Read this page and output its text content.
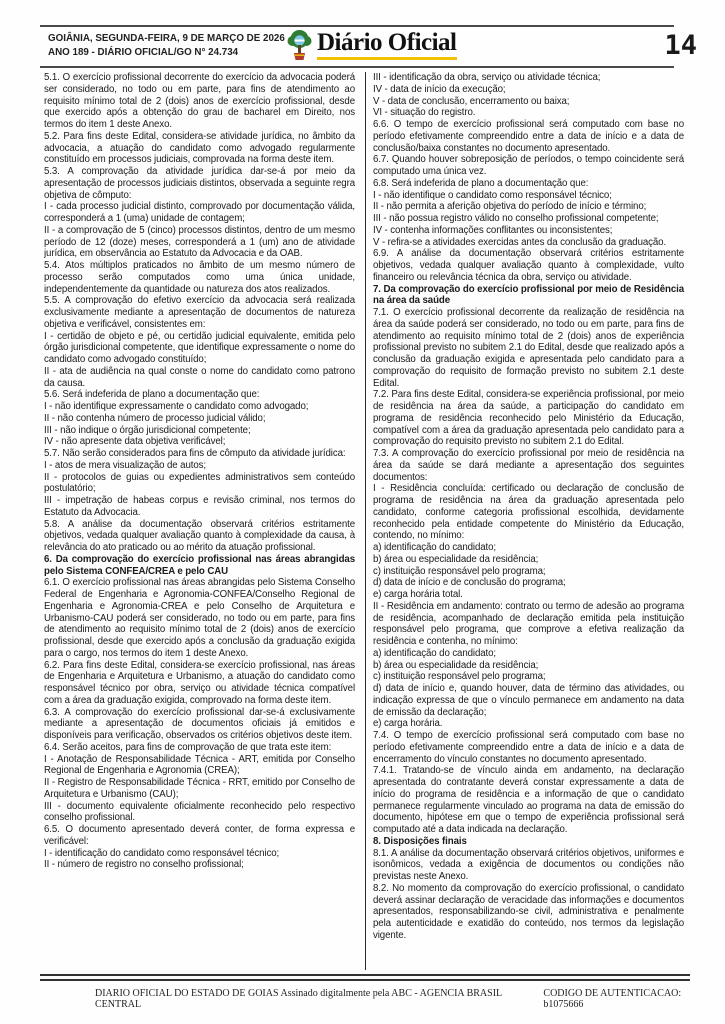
GOIÂNIA, SEGUNDA-FEIRA, 9 DE MARÇO DE 2026
ANO 189 - DIÁRIO OFICIAL/GO N° 24.734	Diário Oficial	14

5.1. O exercício profissional decorrente do exercício da advocacia poderá ser considerado, no todo ou em parte, para fins de atendimento ao requisito mínimo total de 2 (dois) anos de exercício profissional, desde que exercido após a obtenção do grau de bacharel em Direito, nos termos do item 1 deste Anexo.

5.2. Para fins deste Edital, considera-se atividade jurídica, no âmbito da advocacia, a atuação do candidato como advogado regularmente constituído em processos judiciais, comprovada na forma deste item.

5.3. A comprovação da atividade jurídica dar-se-á por meio da apresentação de processos judiciais distintos, observada a seguinte regra objetiva de cômputo:

I - cada processo judicial distinto, comprovado por documentação válida, corresponderá a 1 (uma) unidade de contagem;

II - a comprovação de 5 (cinco) processos distintos, dentro de um mesmo período de 12 (doze) meses, corresponderá a 1 (um) ano de atividade jurídica, em observância ao Estatuto da Advocacia e da OAB.

5.4. Atos múltiplos praticados no âmbito de um mesmo número de processo serão computados como uma única unidade, independentemente da quantidade ou natureza dos atos realizados.

5.5. A comprovação do efetivo exercício da advocacia será realizada exclusivamente mediante a apresentação de documentos de natureza objetiva e verificável, consistentes em:

I - certidão de objeto e pé, ou certidão judicial equivalente, emitida pelo órgão jurisdicional competente, que identifique expressamente o nome do candidato como advogado constituído;

II - ata de audiência na qual conste o nome do candidato como patrono da causa.

5.6. Será indeferida de plano a documentação que:

I - não identifique expressamente o candidato como advogado;

II - não contenha número de processo judicial válido;

III - não indique o órgão jurisdicional competente;

IV - não apresente data objetiva verificável;

5.7. Não serão considerados para fins de cômputo da atividade jurídica:

I - atos de mera visualização de autos;

II - protocolos de guias ou expedientes administrativos sem conteúdo postulatório;

III - impetração de habeas corpus e revisão criminal, nos termos do Estatuto da Advocacia.

5.8. A análise da documentação observará critérios estritamente objetivos, vedada qualquer avaliação quanto à complexidade da causa, à relevância do ato praticado ou ao mérito da atuação profissional.

6. Da comprovação do exercício profissional nas áreas abrangidas pelo Sistema CONFEA/CREA e pelo CAU

6.1. O exercício profissional nas áreas abrangidas pelo Sistema Conselho Federal de Engenharia e Agronomia-CONFEA/Conselho Regional de Engenharia e Agronomia-CREA e pelo Conselho de Arquitetura e Urbanismo-CAU poderá ser considerado, no todo ou em parte, para fins de atendimento ao requisito mínimo total de 2 (dois) anos de exercício profissional, desde que exercido após a conclusão da graduação exigida para o cargo, nos termos do item 1 deste Anexo.

6.2. Para fins deste Edital, considera-se exercício profissional, nas áreas de Engenharia e Arquitetura e Urbanismo, a atuação do candidato como responsável técnico por obra, serviço ou atividade técnica compatível com a área da graduação exigida, comprovado na forma deste item.

6.3. A comprovação do exercício profissional dar-se-á exclusivamente mediante a apresentação de documentos oficiais já emitidos e disponíveis para verificação, observados os critérios objetivos deste item.

6.4. Serão aceitos, para fins de comprovação de que trata este item:

I - Anotação de Responsabilidade Técnica - ART, emitida por Conselho Regional de Engenharia e Agronomia (CREA);

II - Registro de Responsabilidade Técnica - RRT, emitido por Conselho de Arquitetura e Urbanismo (CAU);

III - documento equivalente oficialmente reconhecido pelo respectivo conselho profissional.

6.5. O documento apresentado deverá conter, de forma expressa e verificável:

I - identificação do candidato como responsável técnico;

II - número de registro no conselho profissional;

III - identificação da obra, serviço ou atividade técnica;

IV - data de início da execução;

V - data de conclusão, encerramento ou baixa;

VI - situação do registro.

6.6. O tempo de exercício profissional será computado com base no período efetivamente compreendido entre a data de início e a data de conclusão/baixa constantes no documento apresentado.

6.7. Quando houver sobreposição de períodos, o tempo coincidente será computado uma única vez.

6.8. Será indeferida de plano a documentação que:

I - não identifique o candidato como responsável técnico;

II - não permita a aferição objetiva do período de início e término;

III - não possua registro válido no conselho profissional competente;

IV - contenha informações conflitantes ou inconsistentes;

V - refira-se a atividades exercidas antes da conclusão da graduação.

6.9. A análise da documentação observará critérios estritamente objetivos, vedada qualquer avaliação quanto à complexidade, vulto financeiro ou relevância técnica da obra, serviço ou atividade.

7. Da comprovação do exercício profissional por meio de Residência na área da saúde

7.1. O exercício profissional decorrente da realização de residência na área da saúde poderá ser considerado, no todo ou em parte, para fins de atendimento ao requisito mínimo total de 2 (dois) anos de experiência profissional previsto no subitem 2.1 do Edital, desde que realizado após a conclusão da graduação exigida e apresentada pelo candidato para a comprovação do requisito de formação previsto no subitem 2.1 deste Edital.

7.2. Para fins deste Edital, considera-se experiência profissional, por meio de residência na área da saúde, a participação do candidato em programa de residência reconhecido pelo Ministério da Educação, compatível com a área da graduação apresentada pelo candidato para a comprovação do requisito previsto no subitem 2.1 do Edital.

7.3. A comprovação do exercício profissional por meio de residência na área da saúde se dará mediante a apresentação dos seguintes documentos:

I - Residência concluída: certificado ou declaração de conclusão de programa de residência na área da graduação apresentada pelo candidato, conforme categoria profissional escolhida, devidamente reconhecido pela entidade competente do Ministério da Educação, contendo, no mínimo:

a) identificação do candidato;

b) área ou especialidade da residência;

c) instituição responsável pelo programa;

d) data de início e de conclusão do programa;

e) carga horária total.

II - Residência em andamento: contrato ou termo de adesão ao programa de residência, acompanhado de declaração emitida pela instituição responsável pelo programa, que comprove a efetiva realização da residência e contenha, no mínimo:

a) identificação do candidato;

b) área ou especialidade da residência;

c) instituição responsável pelo programa;

d) data de início e, quando houver, data de término das atividades, ou indicação expressa de que o vínculo permanece em andamento na data de emissão da declaração;

e) carga horária.

7.4. O tempo de exercício profissional será computado com base no período efetivamente compreendido entre a data de início e a data de encerramento do vínculo constantes no documento apresentado.

7.4.1. Tratando-se de vínculo ainda em andamento, na declaração apresentada do contratante deverá constar expressamente a data de início do programa de residência e a informação de que o candidato permanece regularmente vinculado ao programa na data de emissão do documento, hipótese em que o tempo de experiência profissional será computado até a data indicada na declaração.

8. Disposições finais

8.1. A análise da documentação observará critérios objetivos, uniformes e isonômicos, vedada a exigência de documentos ou condições não previstas neste Anexo.

8.2. No momento da comprovação do exercício profissional, o candidato deverá assinar declaração de veracidade das informações e documentos apresentados, responsabilizando-se civil, administrativa e penalmente pela autenticidade e exatidão do conteúdo, nos termos da legislação vigente.

DIARIO OFICIAL DO ESTADO DE GOIAS Assinado digitalmente pela ABC - AGENCIA BRASIL CENTRAL
CODIGO DE AUTENTICACAO: b1075666
